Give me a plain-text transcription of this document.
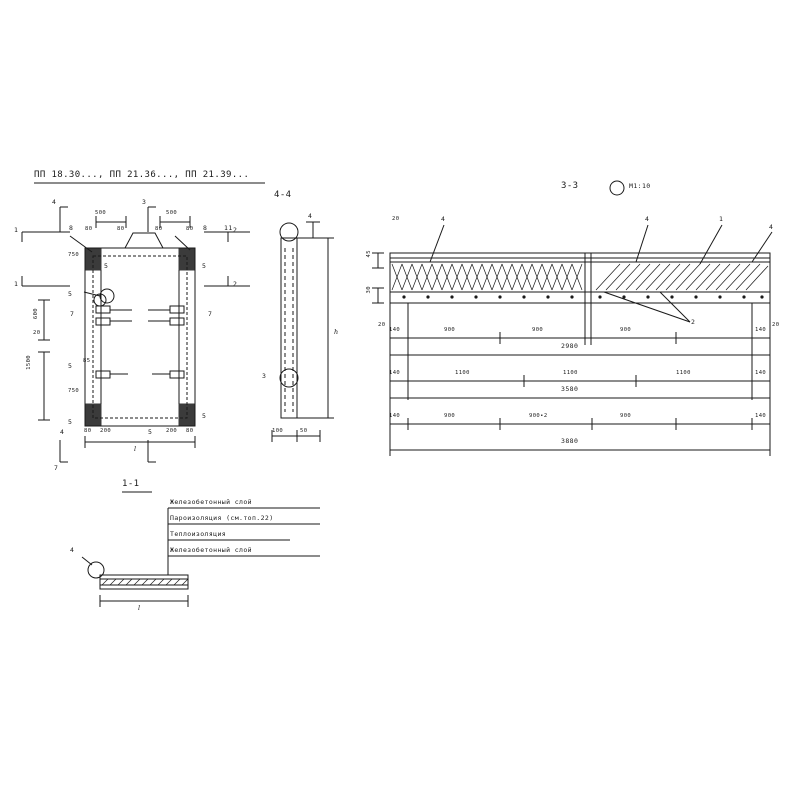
ПП 18.30..., ПП 21.36..., ПП 21.39...
1
1
2
2
4
8
3
8	11
500	500
80	80	80	80
750
600
1500
750
20
85
5	5
5
5
5
7	7
5
4
7
80 200	200 80
l
5
4-4
4
3
h
100	50
3-3	М1:10
4	4	1
4
2
20
20	20
45
30
140	900	900	900	140
2980
140	1100	1100	1100	140
3580
140	900	900•2	900	140
3880
1-1
4
l
Железобетонный слой
Пароизоляция (см.топ.22)
Теплоизоляция
Железобетонный слой
